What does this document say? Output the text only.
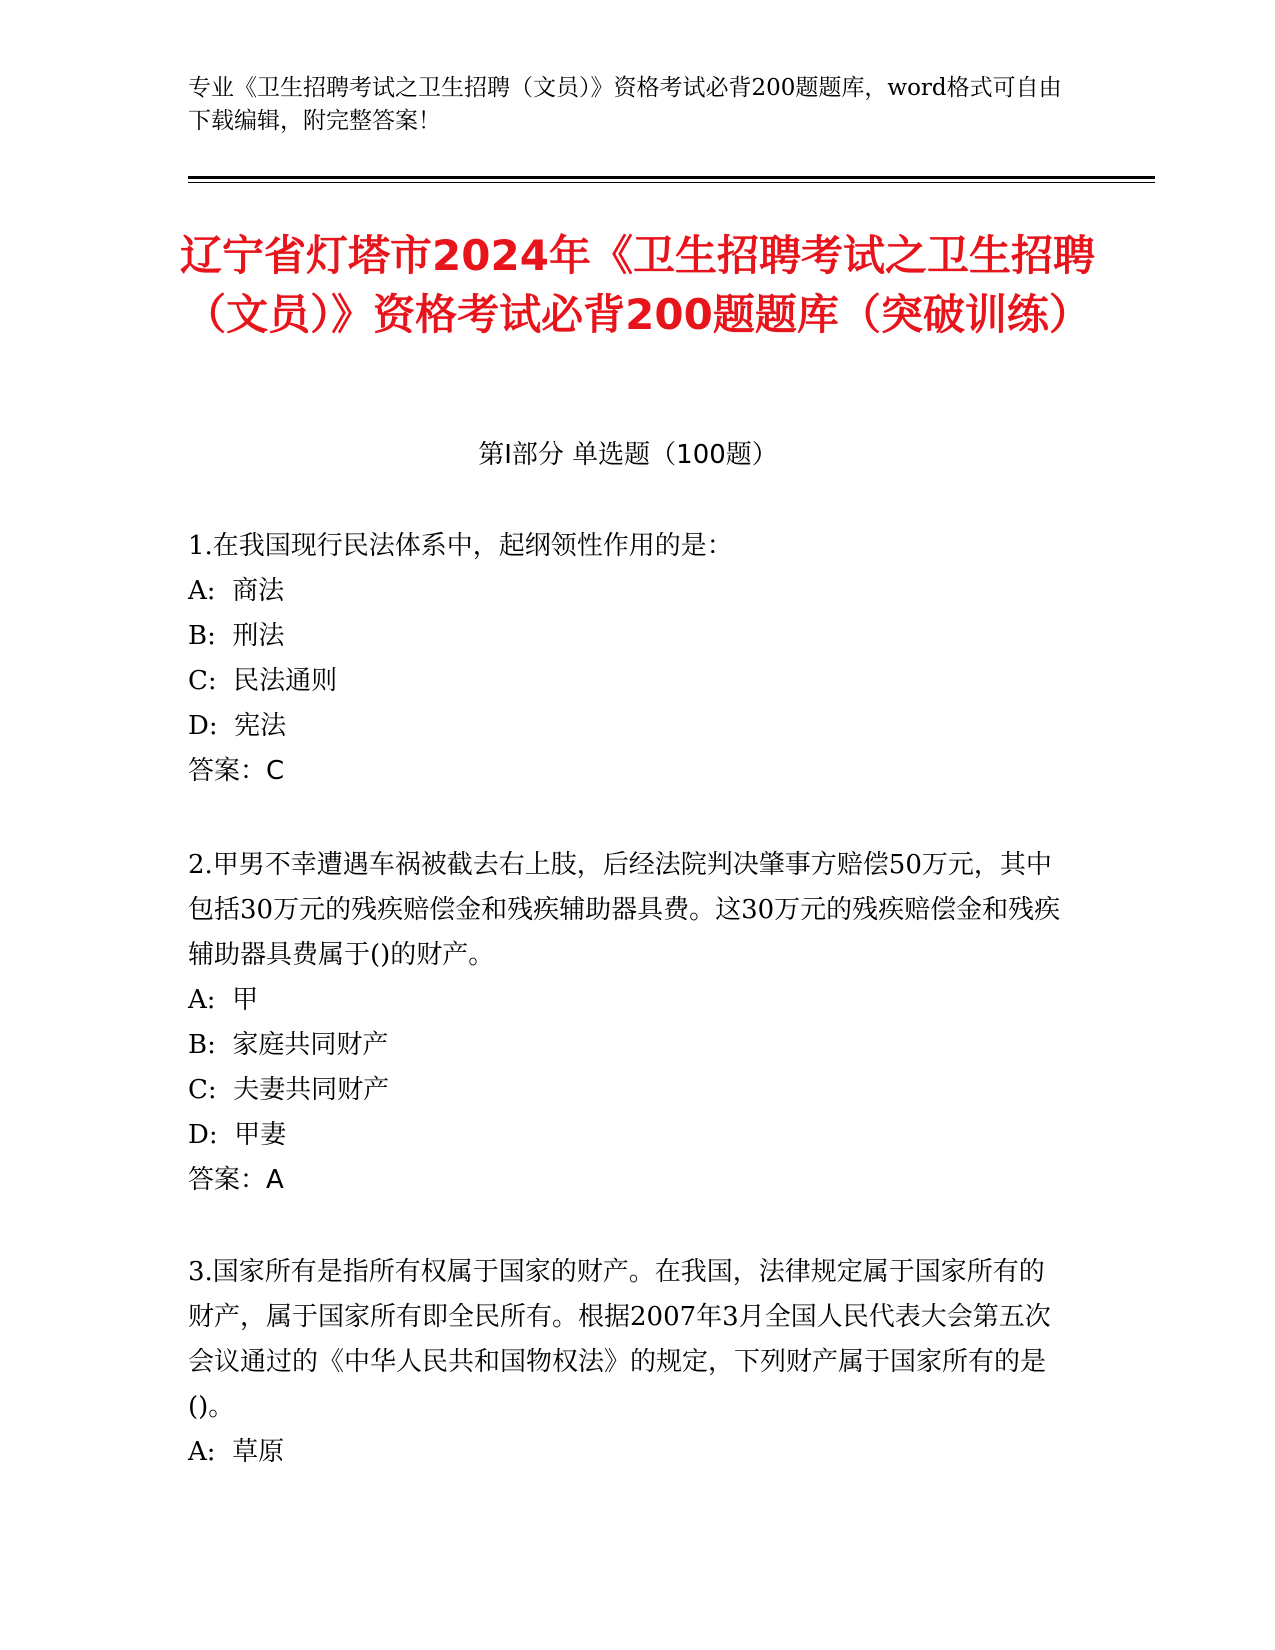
专业《卫生招聘考试之卫生招聘（文员）》资格考试必背200题题库，word格式可自由下载编辑，附完整答案！
辽宁省灯塔市2024年《卫生招聘考试之卫生招聘（文员）》资格考试必背200题题库（突破训练）
第Ⅰ部分 单选题（100题）

1.在我国现行民法体系中，起纲领性作用的是：

A:  商法

B:  刑法

C:  民法通则

D:  宪法

答案：C

2.甲男不幸遭遇车祸被截去右上肢，后经法院判决肇事方赔偿50万元，其中包括30万元的残疾赔偿金和残疾辅助器具费。这30万元的残疾赔偿金和残疾辅助器具费属于()的财产。

A:  甲

B:  家庭共同财产

C:  夫妻共同财产

D:  甲妻

答案：A

3.国家所有是指所有权属于国家的财产。在我国，法律规定属于国家所有的财产，属于国家所有即全民所有。根据2007年3月全国人民代表大会第五次会议通过的《中华人民共和国物权法》的规定，下列财产属于国家所有的是()。

A:  草原
